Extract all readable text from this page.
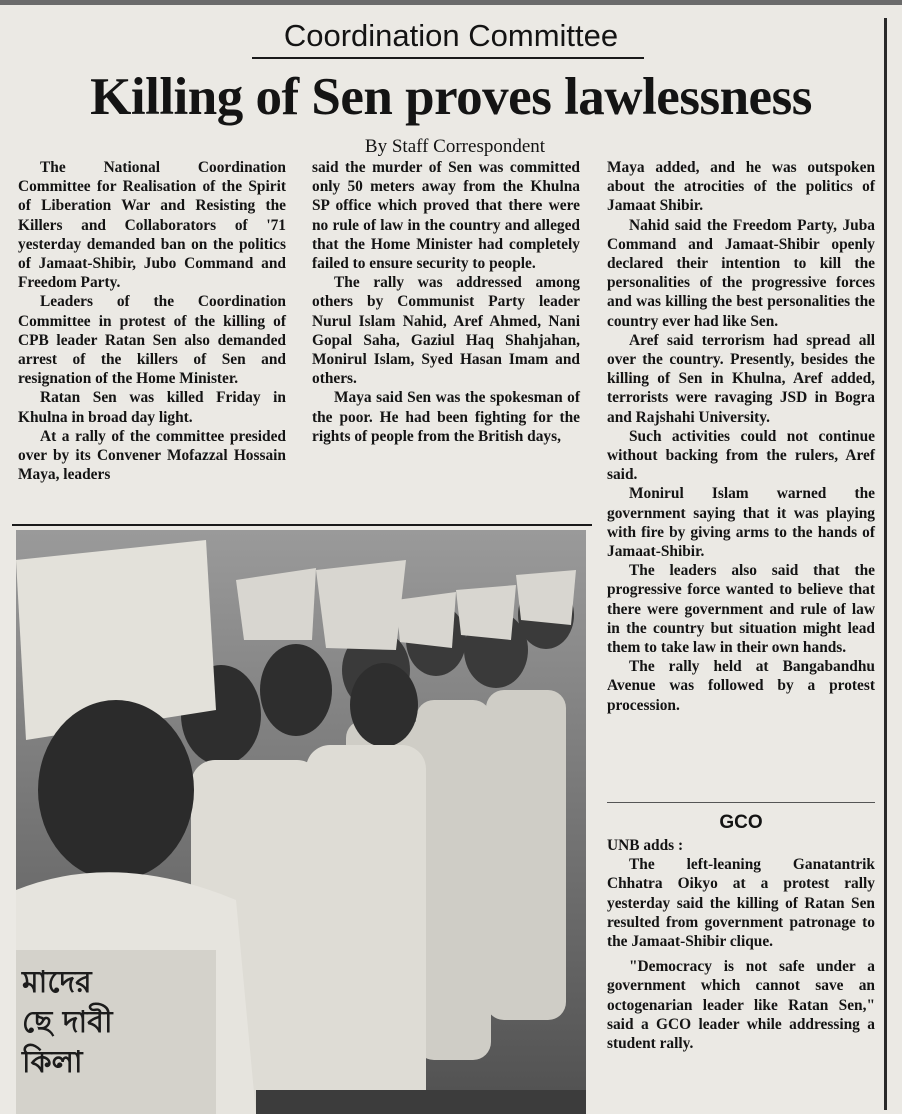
Coordination Committee
Killing of Sen proves lawlessness
By Staff Correspondent

The National Coordination Committee for Realisation of the Spirit of Liberation War and Resisting the Killers and Collaborators of '71 yesterday demanded ban on the politics of Jamaat-Shibir, Jubo Command and Freedom Party.

Leaders of the Coordination Committee in protest of the killing of CPB leader Ratan Sen also demanded arrest of the killers of Sen and resignation of the Home Minister.

Ratan Sen was killed Friday in Khulna in broad day light.

At a rally of the committee presided over by its Convener Mofazzal Hossain Maya, leaders

said the murder of Sen was committed only 50 meters away from the Khulna SP office which proved that there were no rule of law in the country and alleged that the Home Minister had completely failed to ensure security to people.

The rally was addressed among others by Communist Party leader Nurul Islam Nahid, Aref Ahmed, Nani Gopal Saha, Gaziul Haq Shahjahan, Monirul Islam, Syed Hasan Imam and others.

Maya said Sen was the spokesman of the poor. He had been fighting for the rights of people from the British days,

Maya added, and he was outspoken about the atrocities of the politics of Jamaat Shibir.

Nahid said the Freedom Party, Juba Command and Jamaat-Shibir openly declared their intention to kill the personalities of the progressive forces and was killing the best personalities the country ever had like Sen.

Aref said terrorism had spread all over the country. Presently, besides the killing of Sen in Khulna, Aref added, terrorists were ravaging JSD in Bogra and Rajshahi University.

Such activities could not continue without backing from the rulers, Aref said.

Monirul Islam warned the government saying that it was playing with fire by giving arms to the hands of Jamaat-Shibir.

The leaders also said that the progressive force wanted to believe that there were government and rule of law in the country but situation might lead them to take law in their own hands.

The rally held at Bangabandhu Avenue was followed by a protest procession.

GCO

UNB adds :

The left-leaning Ganatantrik Chhatra Oikyo at a protest rally yesterday said the killing of Ratan Sen resulted from government patronage to the Jamaat-Shibir clique.

"Democracy is not safe under a government which cannot save an octogenarian leader like Ratan Sen," said a GCO leader while addressing a student rally.

মাদের
ছে দাবী
কিলা
